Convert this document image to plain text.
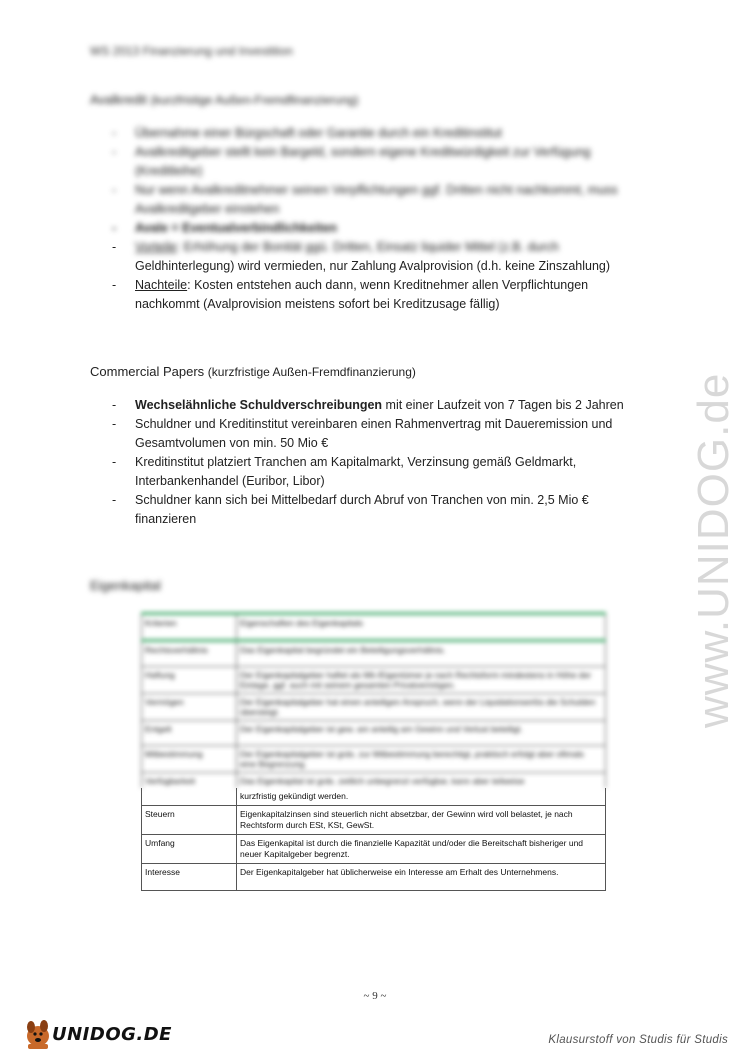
WS 2013 Finanzierung und Investition
Avalkredit (kurzfristige Außen-Fremdfinanzierung)
- Übernahme einer Bürgschaft oder Garantie durch ein Kreditinstitut
- Avalkreditgeber stellt kein Bargeld, sondern eigene Kreditwürdigkeit zur Verfügung (Kreditleihe)
- Nur wenn Avalkreditnehmer seinen Verpflichtungen ggf. Dritten nicht nachkommt, muss Avalkreditgeber einstehen
- Avale = Eventualverbindlichkeiten
- Vorteile: Erhöhung der Bonität ggü. Dritten, Einsatz liquider Mittel (z.B. durch
Geldhinterlegung) wird vermieden, nur Zahlung Avalprovision (d.h. keine Zinszahlung)
- Nachteile: Kosten entstehen auch dann, wenn Kreditnehmer allen Verpflichtungen
nachkommt (Avalprovision meistens sofort bei Kreditzusage fällig)
Commercial Papers (kurzfristige Außen-Fremdfinanzierung)
- Wechselähnliche Schuldverschreibungen mit einer Laufzeit von 7 Tagen bis 2 Jahren
- Schuldner und Kreditinstitut vereinbaren einen Rahmenvertrag mit Daueremission und Gesamtvolumen von min. 50 Mio €
- Kreditinstitut platziert Tranchen am Kapitalmarkt, Verzinsung gemäß Geldmarkt, Interbankenhandel (Euribor, Libor)
- Schuldner kann sich bei Mittelbedarf durch Abruf von Tranchen von min. 2,5 Mio € finanzieren
Eigenkapital
Kriterien	Eigenschaften des Eigenkapitals
Rechtsverhältnis	Das Eigenkapital begründet ein Beteiligungsverhältnis.
Haftung	Der Eigenkapitalgeber haftet als Mit-/Eigentümer je nach Rechtsform mindestens in Höhe der Einlage, ggf. auch mit seinem gesamten Privatvermögen.
Vermögen	Der Eigenkapitalgeber hat einen anteiligen Anspruch, wenn der Liquidationserlös die Schulden übersteigt.
Entgelt	Der Eigenkapitalgeber ist gew. am anteilig am Gewinn und Verlust beteiligt.
Mitbestimmung	Der Eigenkapitalgeber ist grds. zur Mitbestimmung berechtigt, praktisch erfolgt aber oftmals eine Begrenzung.
Verfügbarkeit	Das Eigenkapital ist grds. zeitlich unbegrenzt verfügbar, kann aber teilweise
	kurzfristig gekündigt werden.
Steuern	Eigenkapitalzinsen sind steuerlich nicht absetzbar, der Gewinn wird voll belastet, je nach Rechtsform durch ESt, KSt, GewSt.
Umfang	Das Eigenkapital ist durch die finanzielle Kapazität und/oder die Bereitschaft bisheriger und neuer Kapitalgeber begrenzt.
Interesse	Der Eigenkapitalgeber hat üblicherweise ein Interesse am Erhalt des Unternehmens.
www.UNIDOG.de
~ 9 ~
UNIDOG.DE	Klausurstoff von Studis für Studis
